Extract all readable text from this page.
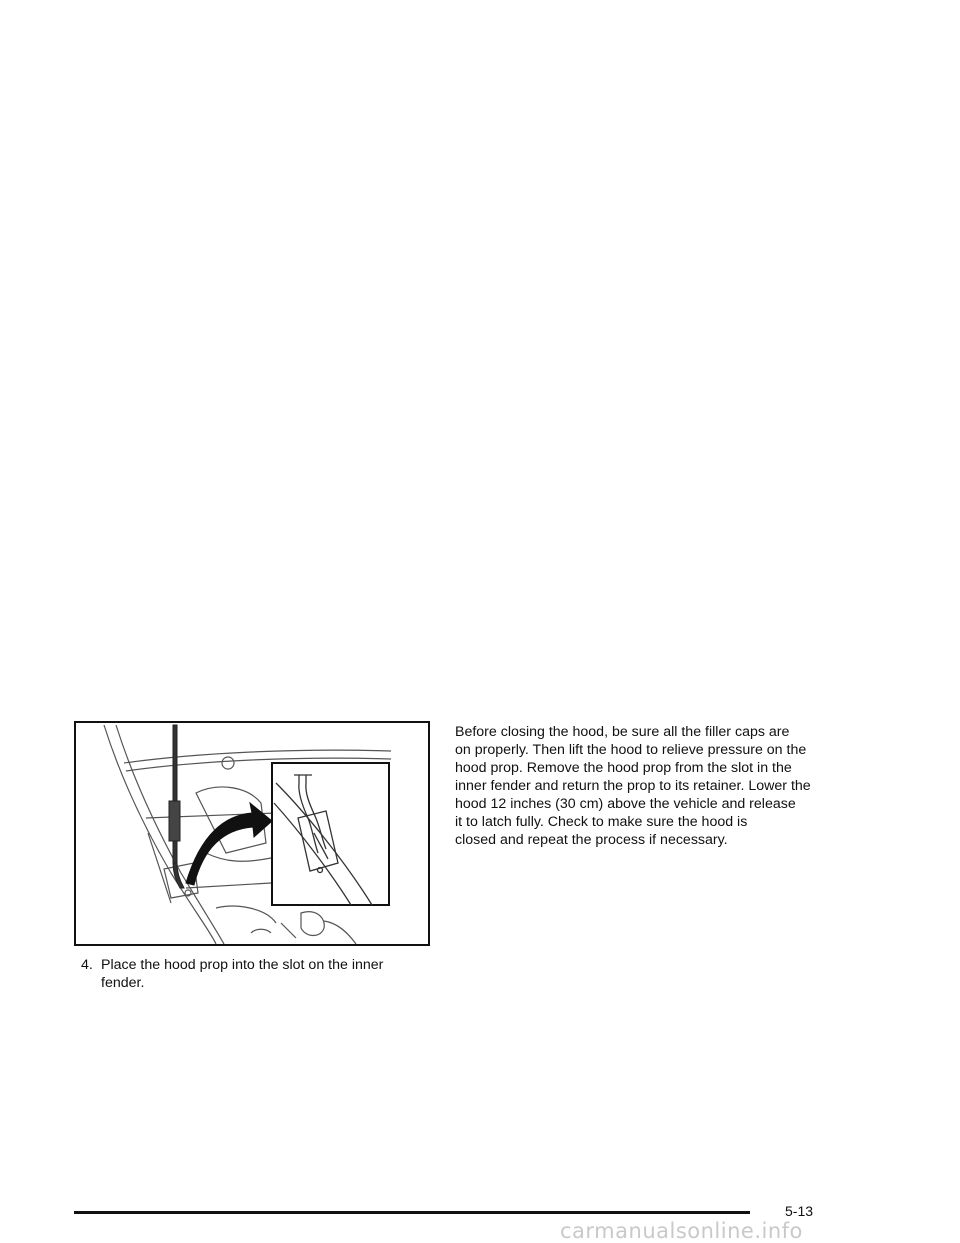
4. Place the hood prop into the slot on the inner
fender.

Before closing the hood, be sure all the filler caps are

on properly. Then lift the hood to relieve pressure on the

hood prop. Remove the hood prop from the slot in the

inner fender and return the prop to its retainer. Lower the

hood 12 inches (30 cm) above the vehicle and release

it to latch fully. Check to make sure the hood is

closed and repeat the process if necessary.

5-13
carmanualsonline.info
